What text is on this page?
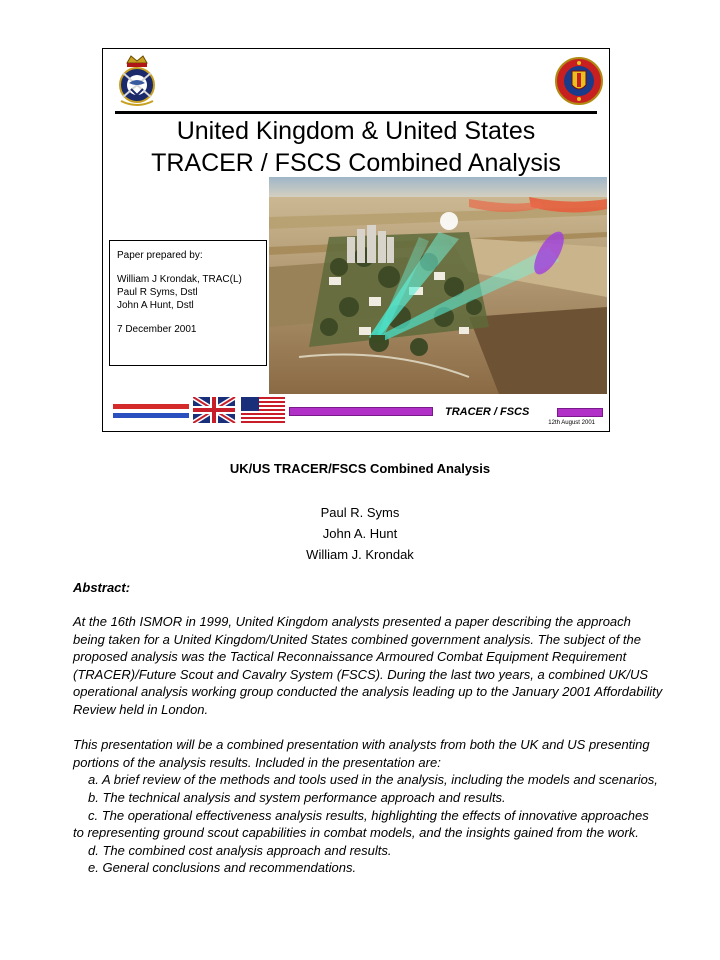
United Kingdom & United States
TRACER / FSCS Combined Analysis
Paper prepared by:
William J Krondak, TRAC(L)
Paul R Syms, Dstl
John A Hunt, Dstl
7 December 2001
TRACER / FSCS
12th August 2001
UK/US TRACER/FSCS Combined Analysis
Paul R. Syms
John A. Hunt
William J. Krondak
Abstract:

At the 16th ISMOR in 1999, United Kingdom analysts presented a paper describing the approach being taken for a United Kingdom/United States combined government analysis. The subject of the proposed analysis was the Tactical Reconnaissance Armoured Combat Equipment Requirement (TRACER)/Future Scout and Cavalry System (FSCS). During the last two years, a combined UK/US operational analysis working group conducted the analysis leading up to the January 2001 Affordability Review held in London.

This presentation will be a combined presentation with analysts from both the UK and US presenting portions of the analysis results. Included in the presentation are:

a. A brief review of the methods and tools used in the analysis, including the models and scenarios,

b. The technical analysis and system performance approach and results.

c. The operational effectiveness analysis results, highlighting the effects of innovative approaches to representing ground scout capabilities in combat models, and the insights gained from the work.

d. The combined cost analysis approach and results.

e. General conclusions and recommendations.
